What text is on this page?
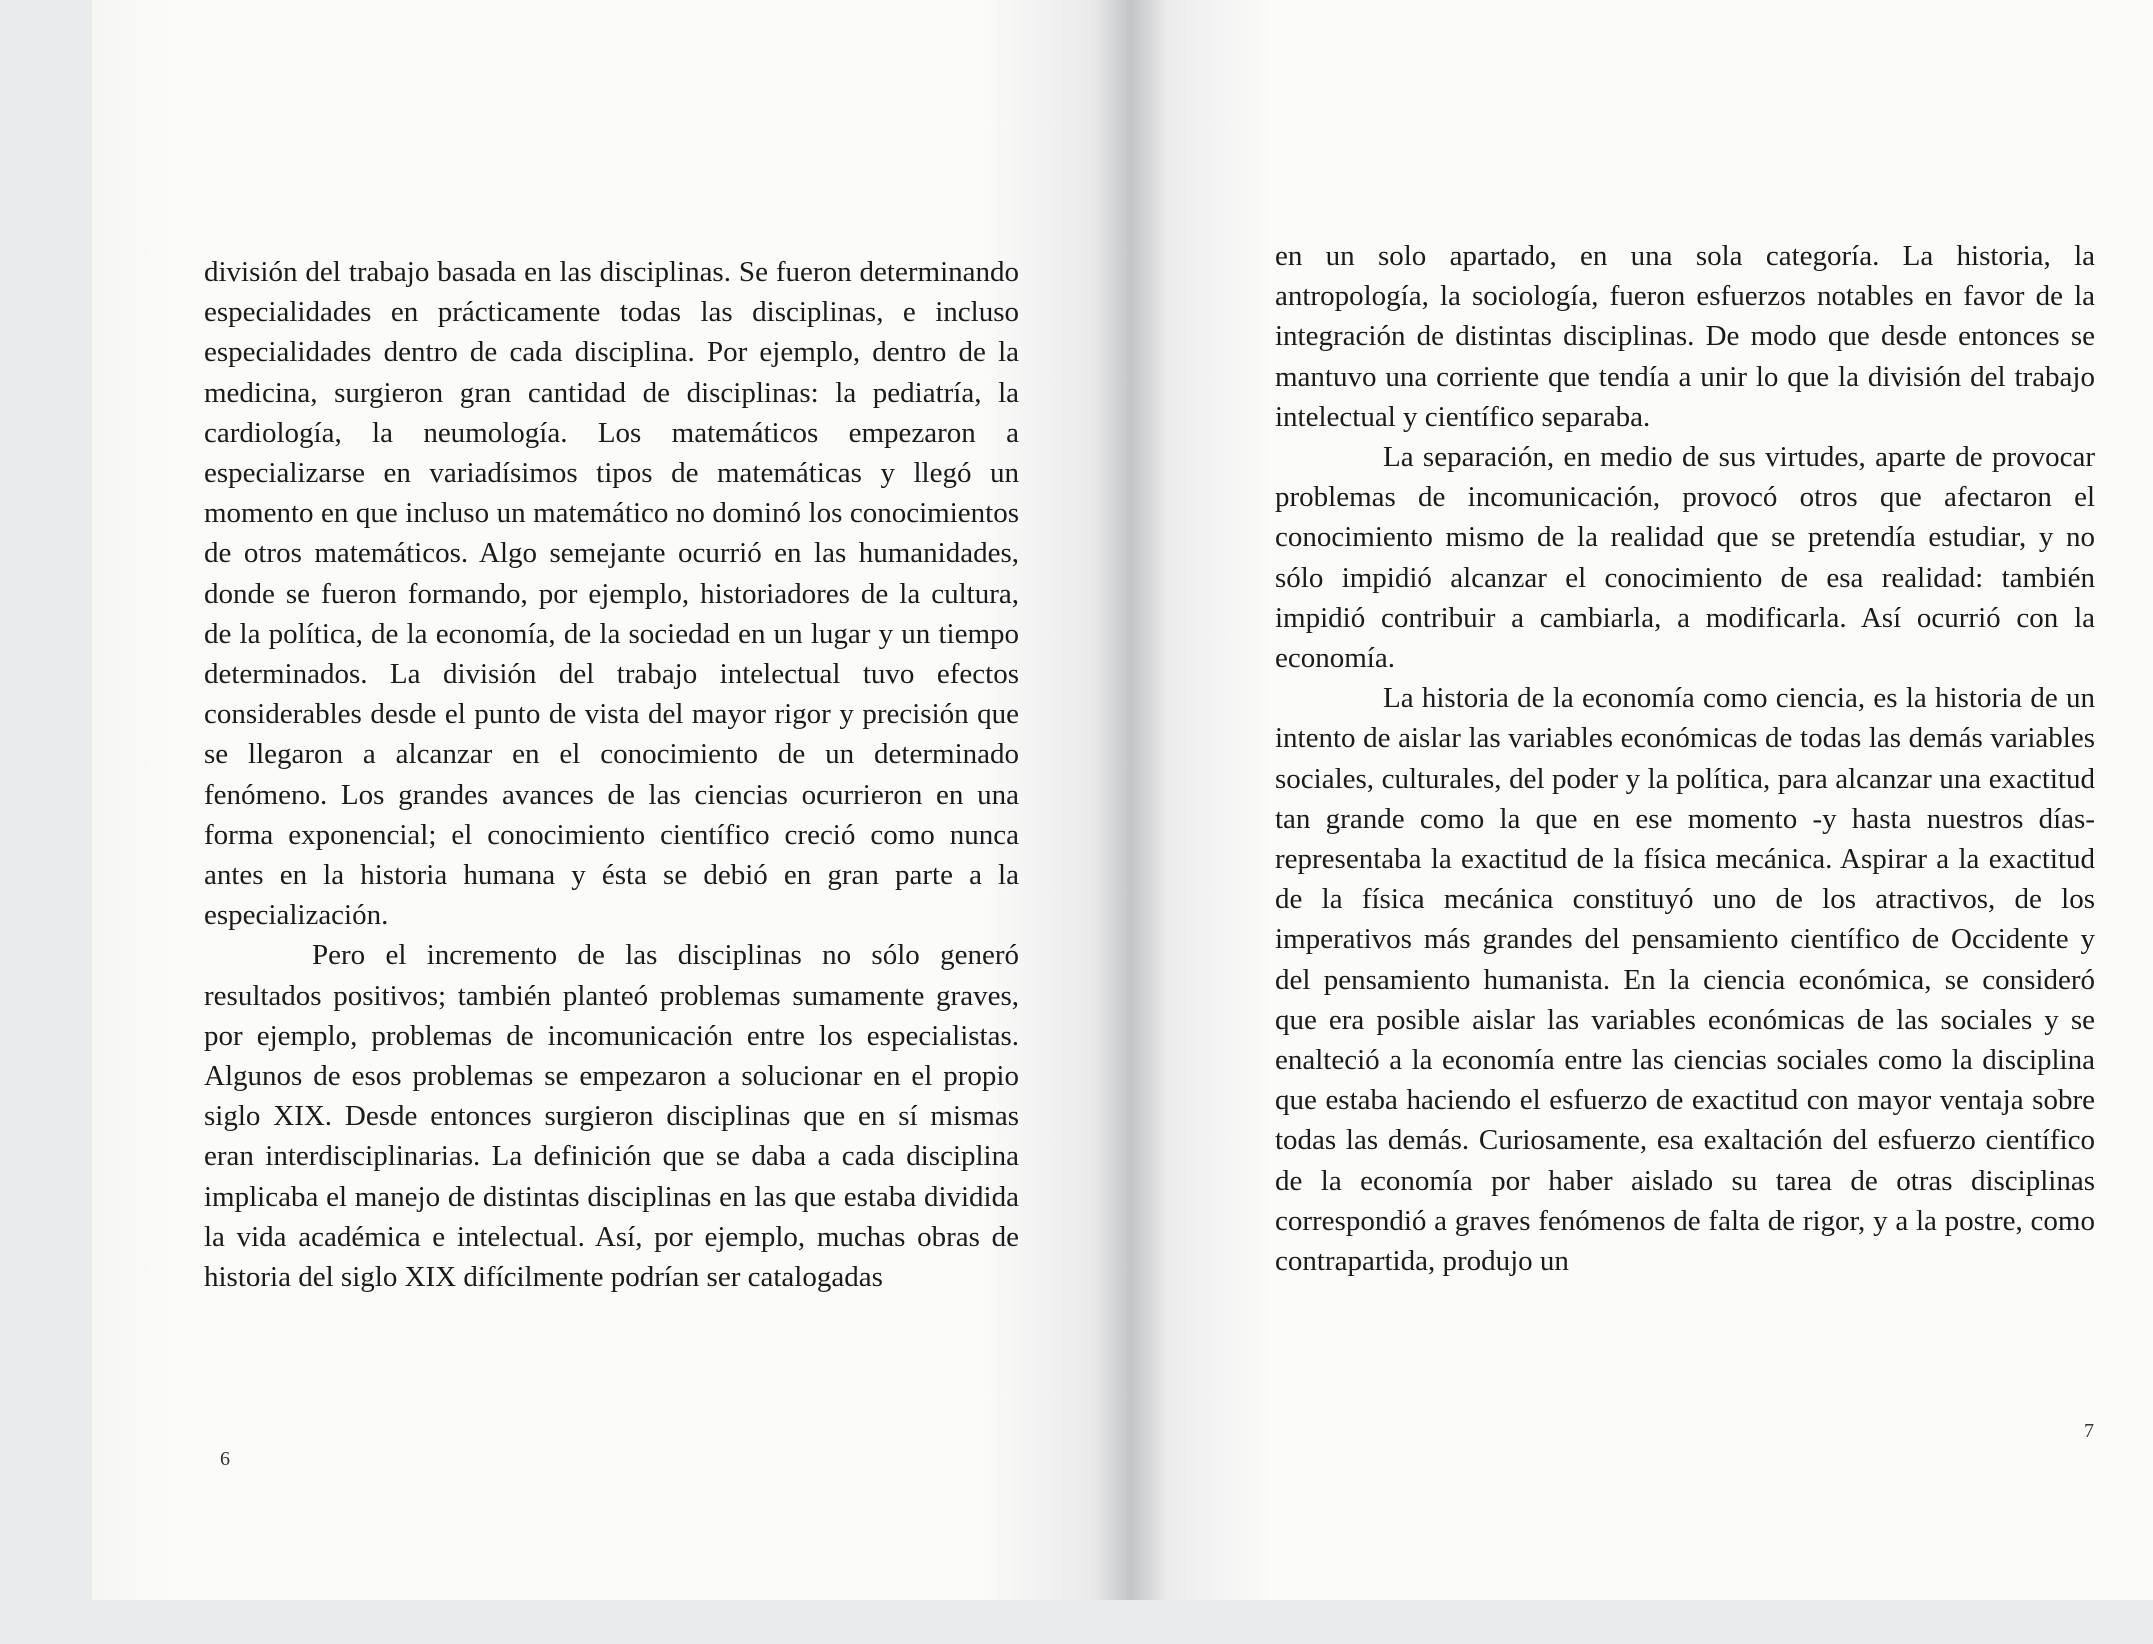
división del trabajo basada en las disciplinas. Se fueron determinando especialidades en prácticamente todas las disciplinas, e incluso especialidades dentro de cada disciplina. Por ejemplo, dentro de la medicina, surgieron gran cantidad de disciplinas: la pediatría, la cardiología, la neumología. Los matemáticos empezaron a especializarse en variadísimos tipos de matemáticas y llegó un momento en que incluso un matemático no dominó los conocimientos de otros matemáticos. Algo semejante ocurrió en las humanidades, donde se fueron formando, por ejemplo, historiadores de la cultura, de la política, de la economía, de la sociedad en un lugar y un tiempo determinados. La división del trabajo intelectual tuvo efectos considerables desde el punto de vista del mayor rigor y precisión que se llegaron a alcanzar en el conocimiento de un determinado fenómeno. Los grandes avances de las ciencias ocurrieron en una forma exponencial; el conocimiento científico creció como nunca antes en la historia humana y ésta se debió en gran parte a la especialización.

Pero el incremento de las disciplinas no sólo generó resultados positivos; también planteó problemas sumamente graves, por ejemplo, problemas de incomunicación entre los especialistas. Algunos de esos problemas se empezaron a solucionar en el propio siglo XIX. Desde entonces surgieron disciplinas que en sí mismas eran interdisciplinarias. La definición que se daba a cada disciplina implicaba el manejo de distintas disciplinas en las que estaba dividida la vida académica e intelectual. Así, por ejemplo, muchas obras de historia del siglo XIX difícilmente podrían ser catalogadas

6

en un solo apartado, en una sola categoría. La historia, la antropología, la sociología, fueron esfuerzos notables en favor de la integración de distintas disciplinas. De modo que desde entonces se mantuvo una corriente que tendía a unir lo que la división del trabajo intelectual y científico separaba.

La separación, en medio de sus virtudes, aparte de provocar problemas de incomunicación, provocó otros que afectaron el conocimiento mismo de la realidad que se pretendía estudiar, y no sólo impidió alcanzar el conocimiento de esa realidad: también impidió contribuir a cambiarla, a modificarla. Así ocurrió con la economía.

La historia de la economía como ciencia, es la historia de un intento de aislar las variables económicas de todas las demás variables sociales, culturales, del poder y la política, para alcanzar una exactitud tan grande como la que en ese momento -y hasta nuestros días- representaba la exactitud de la física mecánica. Aspirar a la exactitud de la física mecánica constituyó uno de los atractivos, de los imperativos más grandes del pensamiento científico de Occidente y del pensamiento humanista. En la ciencia económica, se consideró que era posible aislar las variables económicas de las sociales y se enalteció a la economía entre las ciencias sociales como la disciplina que estaba haciendo el esfuerzo de exactitud con mayor ventaja sobre todas las demás. Curiosamente, esa exaltación del esfuerzo científico de la economía por haber aislado su tarea de otras disciplinas correspondió a graves fenómenos de falta de rigor, y a la postre, como contrapartida, produjo un

7
